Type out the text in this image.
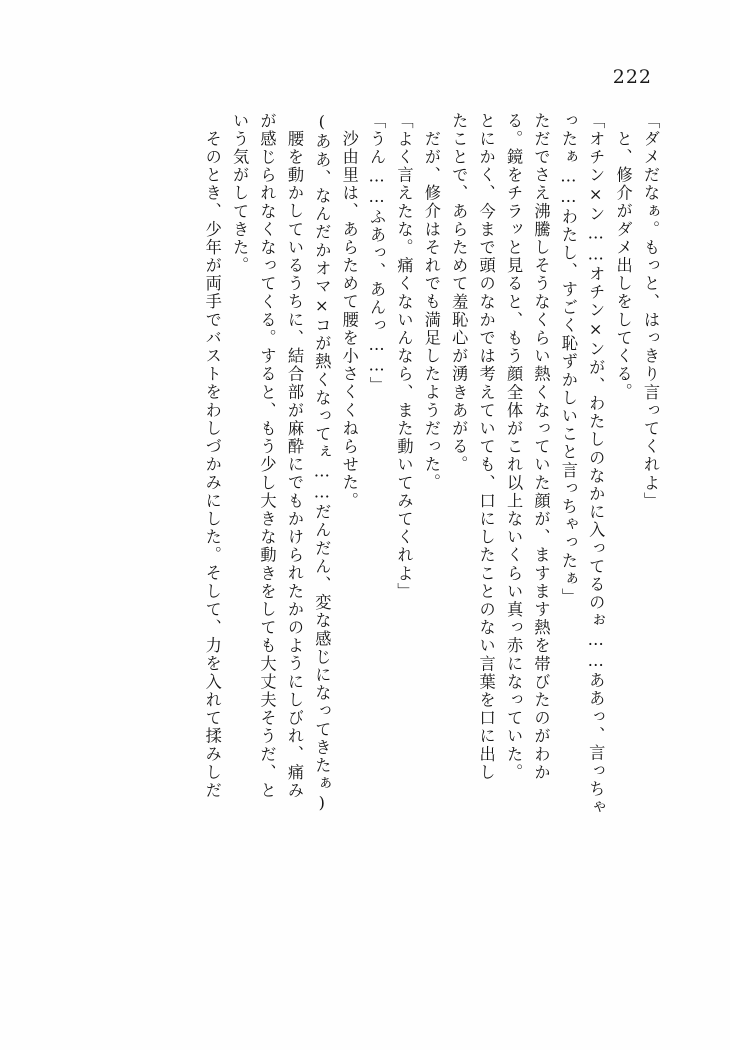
222
「ダメだなぁ。もっと、はっきり言ってくれよ」
と、修介がダメ出しをしてくる。
「オチン×ン……オチン×ンが、わたしのなかに入ってるのぉ……ああっ、言っちゃ
ったぁ……わたし、すごく恥ずかしいこと言っちゃったぁ」
ただでさえ沸騰しそうなくらい熱くなっていた顔が、ますます熱を帯びたのがわか
る。鏡をチラッと見ると、もう顔全体がこれ以上ないくらい真っ赤になっていた。
とにかく、今まで頭のなかでは考えていても、口にしたことのない言葉を口に出し
たことで、あらためて羞恥心が湧きあがる。
だが、修介はそれでも満足したようだった。
「よく言えたな。痛くないんなら、また動いてみてくれよ」
「うん……ふあっ、あんっ……」
沙由里は、あらためて腰を小さくくねらせた。
(ああ、なんだかオマ×コが熱くなってぇ……だんだん、変な感じになってきたぁ)
腰を動かしているうちに、結合部が麻酔にでもかけられたかのようにしびれ、痛み
が感じられなくなってくる。すると、もう少し大きな動きをしても大丈夫そうだ、と
いう気がしてきた。
そのとき、少年が両手でバストをわしづかみにした。そして、力を入れて揉みしだ
